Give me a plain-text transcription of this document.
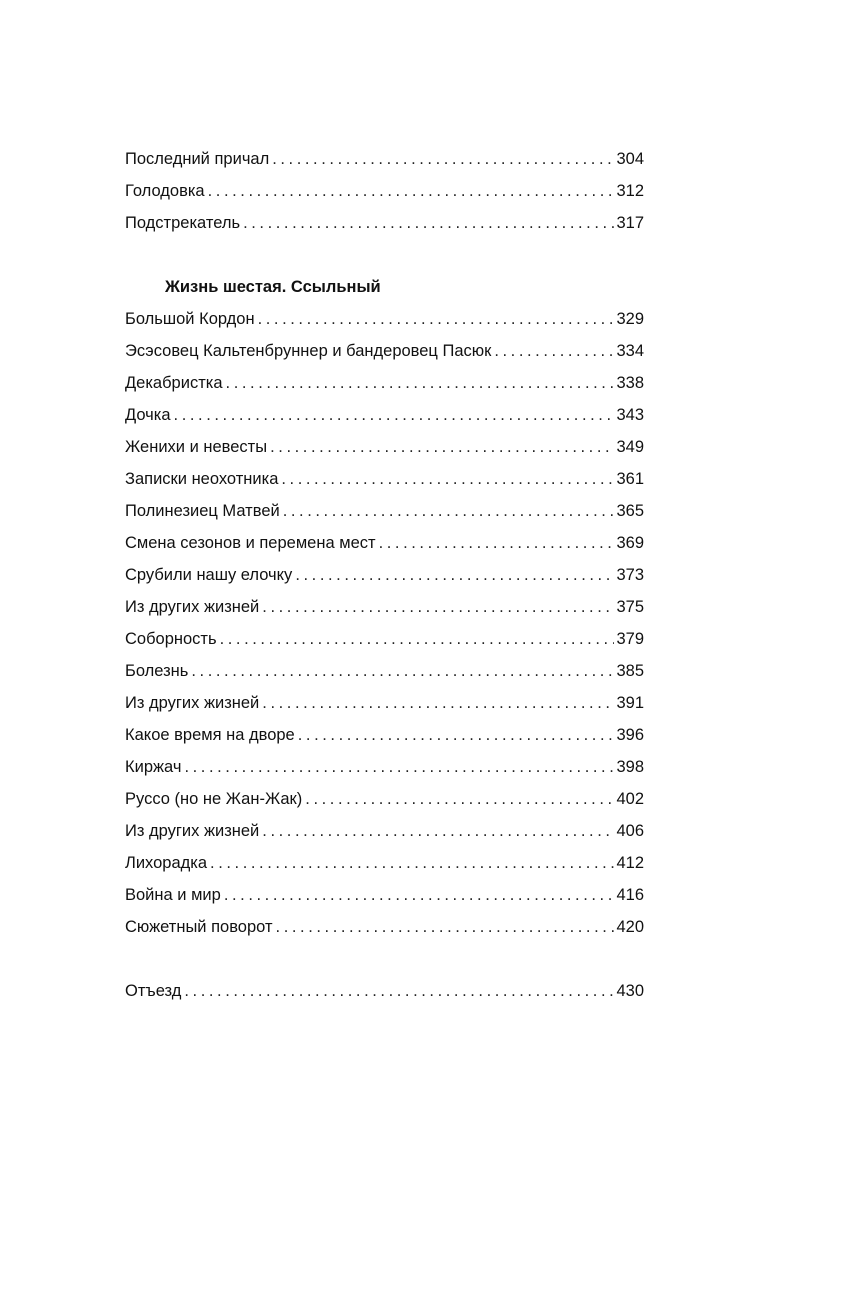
Последний причал . . .	304
Голодовка . . .	312
Подстрекатель . . .	317
Жизнь шестая. Ссыльный
Большой Кордон . . .	329
Эсэсовец Кальтенбруннер и бандеровец Пасюк . . .	334
Декабристка . . .	338
Дочка . . .	343
Женихи и невесты . . .	349
Записки неохотника . . .	361
Полинезиец Матвей . . .	365
Смена сезонов и перемена мест . . .	369
Срубили нашу елочку . . .	373
Из других жизней . . .	375
Соборность . . .	379
Болезнь . . .	385
Из других жизней . . .	391
Какое время на дворе . . .	396
Киржач . . .	398
Руссо (но не Жан-Жак) . . .	402
Из других жизней . . .	406
Лихорадка . . .	412
Война и мир . . .	416
Сюжетный поворот . . .	420
Отъезд . . .	430
